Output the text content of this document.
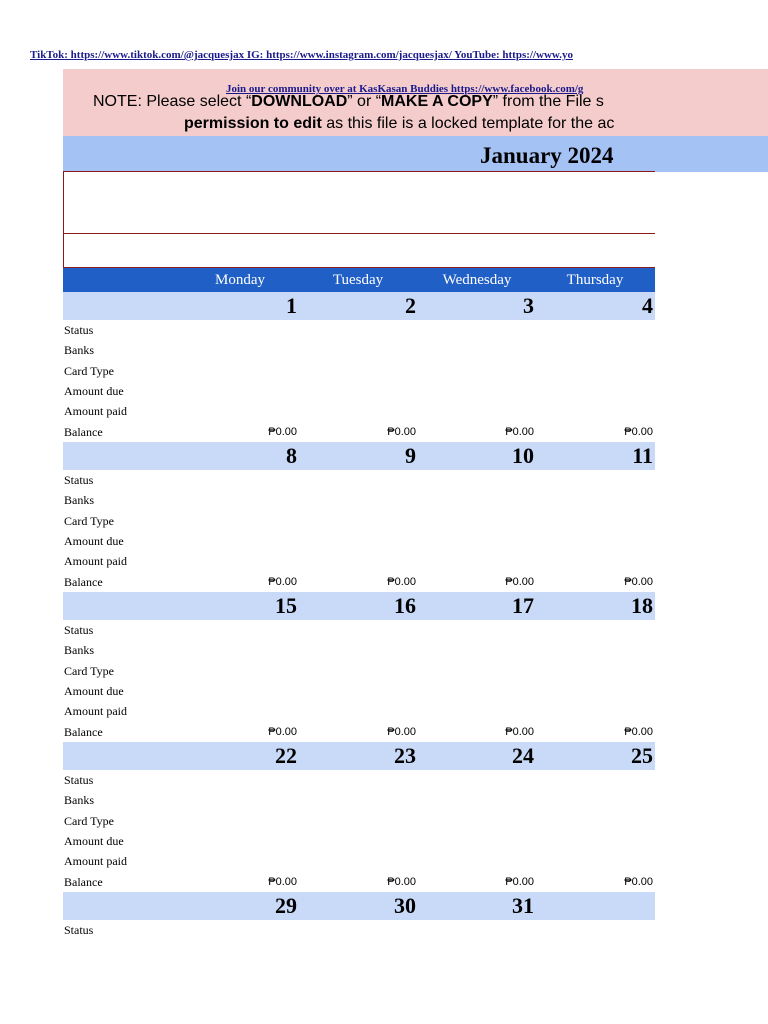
NOTE: Please select “DOWNLOAD” or “MAKE A COPY” from the File s
permission to edit as this file is a locked template for the ac
January 2024
TikTok: https://www.tiktok.com/@jacquesjax IG: https://www.instagram.com/jacquesjax/ YouTube: https://www.yo
Join our community over at KasKasan Buddies https://www.facebook.com/g
Monday	Tuesday	Wednesday	Thursday
1	2	3	4
Status
Banks
Card Type
Amount due
Amount paid
Balance	₱0.00	₱0.00	₱0.00	₱0.00
8	9	10	11
Status
Banks
Card Type
Amount due
Amount paid
Balance	₱0.00	₱0.00	₱0.00	₱0.00
15	16	17	18
Status
Banks
Card Type
Amount due
Amount paid
Balance	₱0.00	₱0.00	₱0.00	₱0.00
22	23	24	25
Status
Banks
Card Type
Amount due
Amount paid
Balance	₱0.00	₱0.00	₱0.00	₱0.00
29	30	31
Status
